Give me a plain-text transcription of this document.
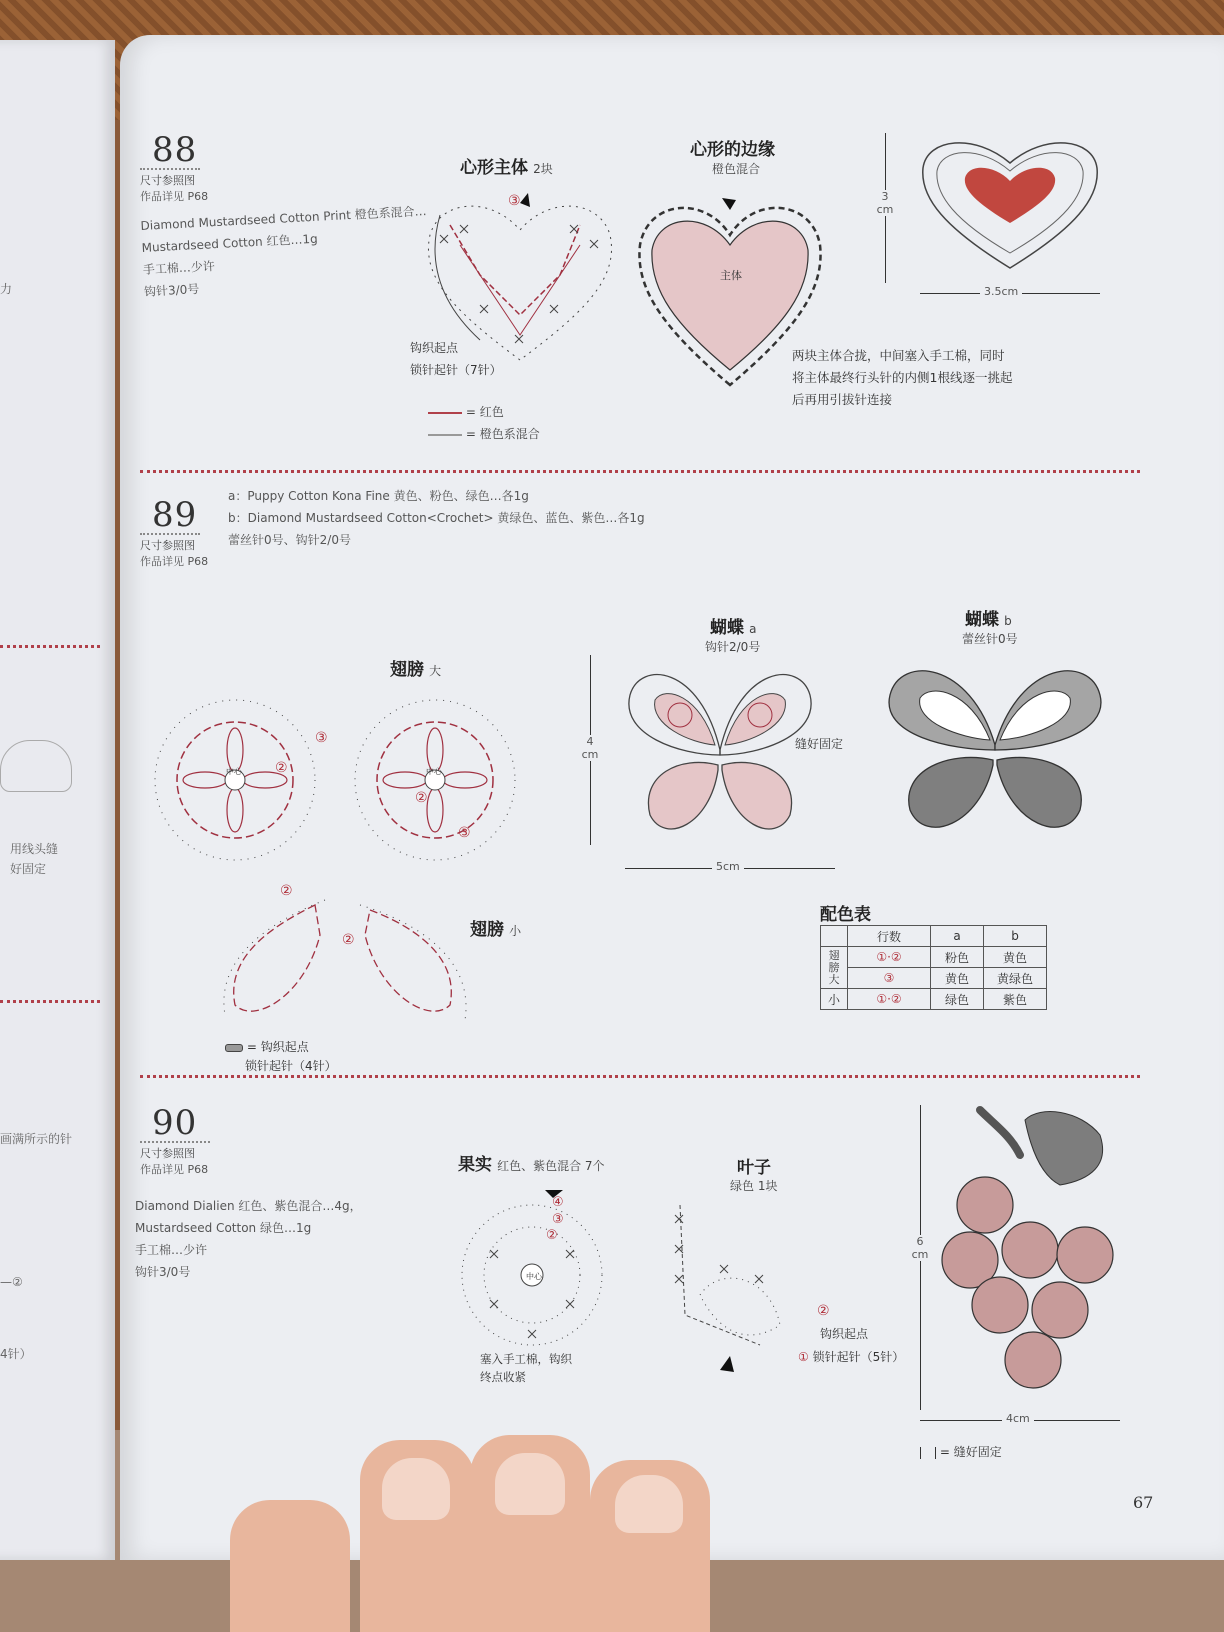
力
用线头缝
好固定
画满所示的针
—②
4针）
88
尺寸参照图
作品详见 P68
Diamond Mustardseed Cotton Print 橙色系混合…
Mustardseed Cotton 红色…1g
手工棉…少许
钩针3/0号
心形主体 2块
③
钩织起点
锁针起针（7针）
= 红色
= 橙色系混合
心形的边缘
橙色混合
主体
3 cm
3.5cm
两块主体合拢，中间塞入手工棉，同时
将主体最终行头针的内侧1根线逐一挑起
后再用引拔针连接
89
尺寸参照图
作品详见 P68
a：Puppy Cotton Kona Fine 黄色、粉色、绿色…各1g
b：Diamond Mustardseed Cotton<Crochet> 黄绿色、蓝色、紫色…各1g
蕾丝针0号、钩针2/0号
翅膀 大
中心	中心
③
②
②
③
②
②	翅膀 小
= 钩织起点
锁针起针（4针）
蝴蝶 a
钩针2/0号
4 cm
缝好固定
5cm
蝴蝶 b
蕾丝针0号
配色表
	行数	a	b
翅膀
大	①·②	粉色	黄色
	③	黄色	黄绿色
小	①·②	绿色	紫色
90
尺寸参照图
作品详见 P68
Diamond Dialien 红色、紫色混合…4g，
Mustardseed Cotton 绿色…1g
手工棉…少许
钩针3/0号
果实 红色、紫色混合 7个
中心
④
③
②
塞入手工棉，钩织
终点收紧
叶子
绿色 1块
②
钩织起点
① 锁针起针（5针）
6 cm
4cm
= 缝好固定
67
